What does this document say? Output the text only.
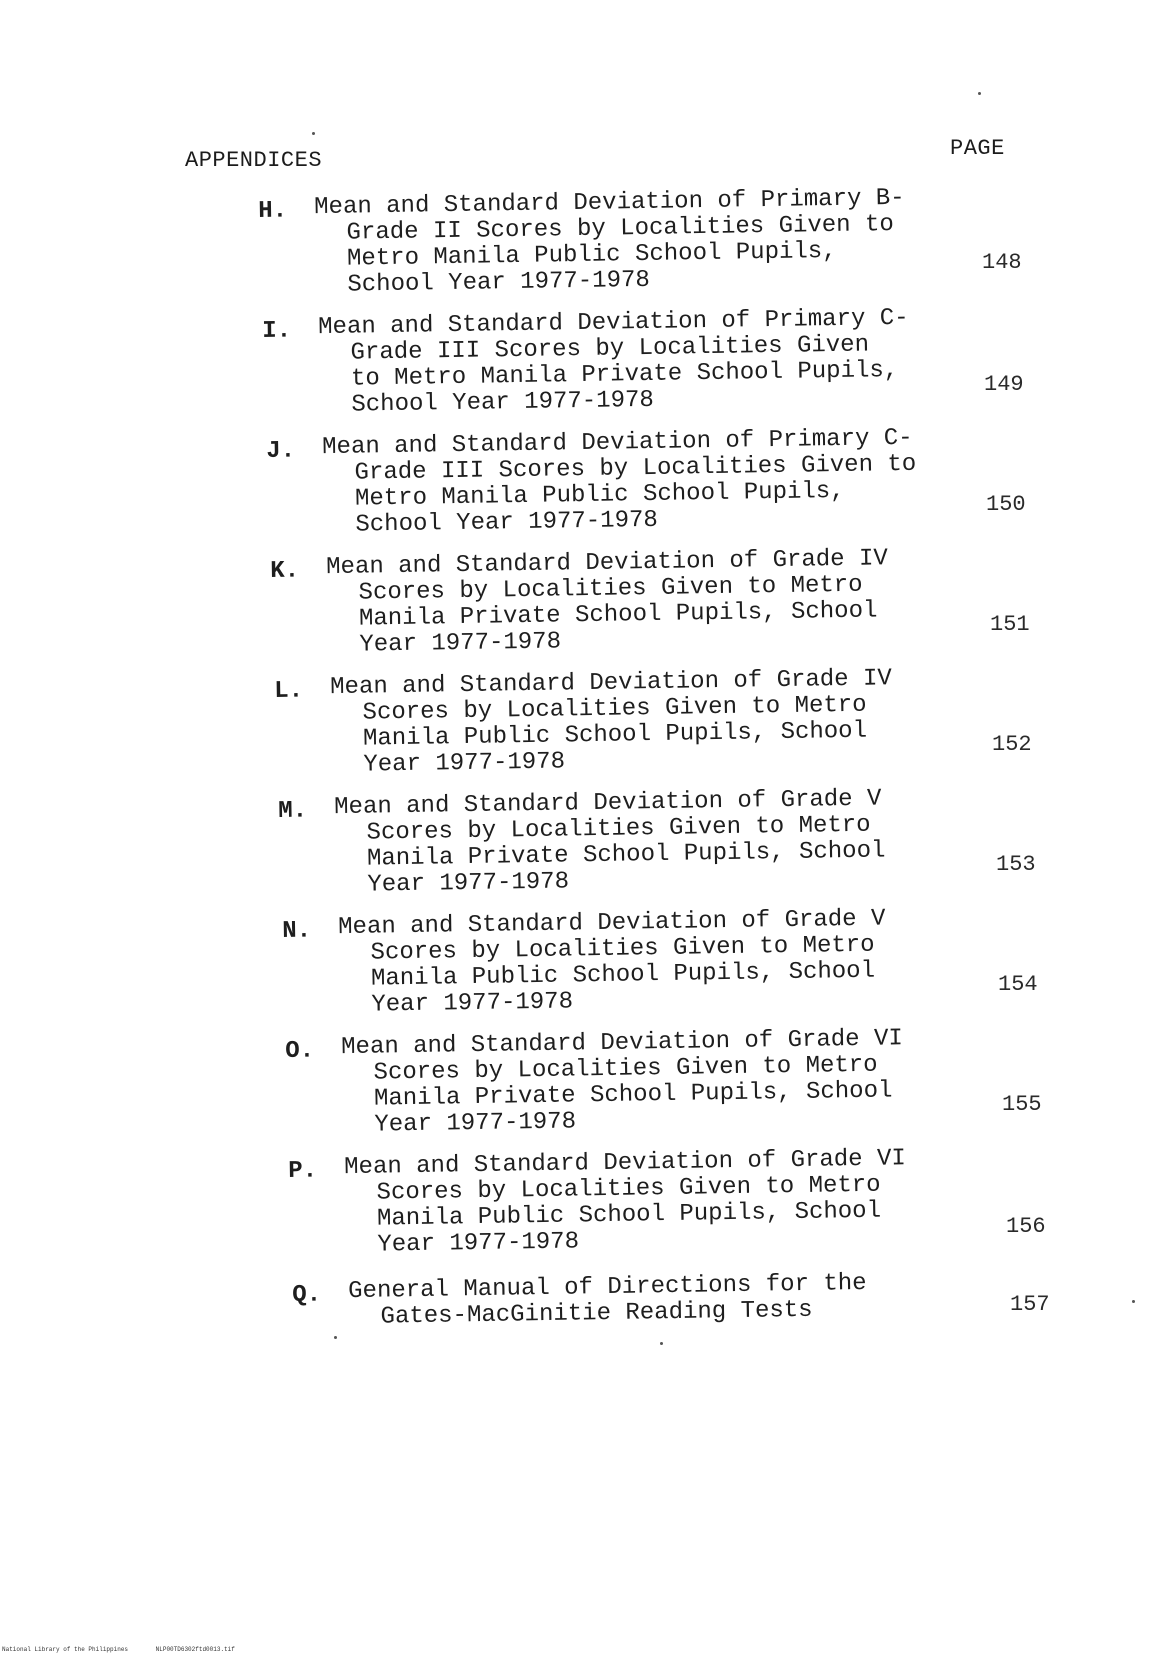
APPENDICES	PAGE
H. Mean and Standard Deviation of Primary B-
Grade II Scores by Localities Given to
Metro Manila Public School Pupils,
School Year 1977-1978
148
I. Mean and Standard Deviation of Primary C-
Grade III Scores by Localities Given
to Metro Manila Private School Pupils,
School Year 1977-1978
149
J. Mean and Standard Deviation of Primary C-
Grade III Scores by Localities Given to
Metro Manila Public School Pupils,
School Year 1977-1978
150
K. Mean and Standard Deviation of Grade IV
Scores by Localities Given to Metro
Manila Private School Pupils, School
Year 1977-1978
151
L. Mean and Standard Deviation of Grade IV
Scores by Localities Given to Metro
Manila Public School Pupils, School
Year 1977-1978
152
M. Mean and Standard Deviation of Grade V
Scores by Localities Given to Metro
Manila Private School Pupils, School
Year 1977-1978
153
N. Mean and Standard Deviation of Grade V
Scores by Localities Given to Metro
Manila Public School Pupils, School
Year 1977-1978
154
O. Mean and Standard Deviation of Grade VI
Scores by Localities Given to Metro
Manila Private School Pupils, School
Year 1977-1978
155
P. Mean and Standard Deviation of Grade VI
Scores by Localities Given to Metro
Manila Public School Pupils, School
Year 1977-1978
156
Q. General Manual of Directions for the
Gates-MacGinitie Reading Tests	157
National Library of the Philippines	NLP00TD6302ftd0013.tif
